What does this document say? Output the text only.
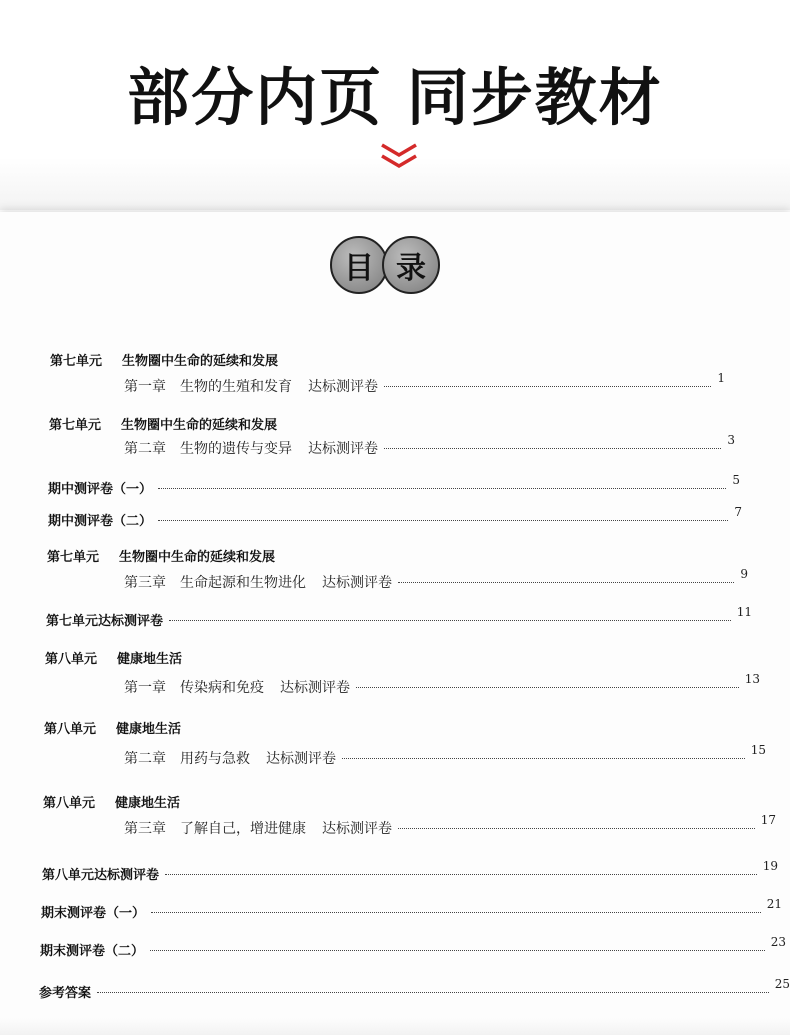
部分内页 同步教材
目 录
第七单元 生物圈中生命的延续和发展
第一章 生物的生殖和发育 达标测评卷
1
第七单元 生物圈中生命的延续和发展
第二章 生物的遗传与变异 达标测评卷
3
期中测评卷（一）
5
期中测评卷（二）
7
第七单元 生物圈中生命的延续和发展
第三章 生命起源和生物进化 达标测评卷
9
第七单元达标测评卷
11
第八单元 健康地生活
第一章 传染病和免疫 达标测评卷
13
第八单元 健康地生活
第二章 用药与急救 达标测评卷
15
第八单元 健康地生活
第三章 了解自己，增进健康 达标测评卷
17
第八单元达标测评卷
19
期末测评卷（一）
21
期末测评卷（二）
23
参考答案
25
